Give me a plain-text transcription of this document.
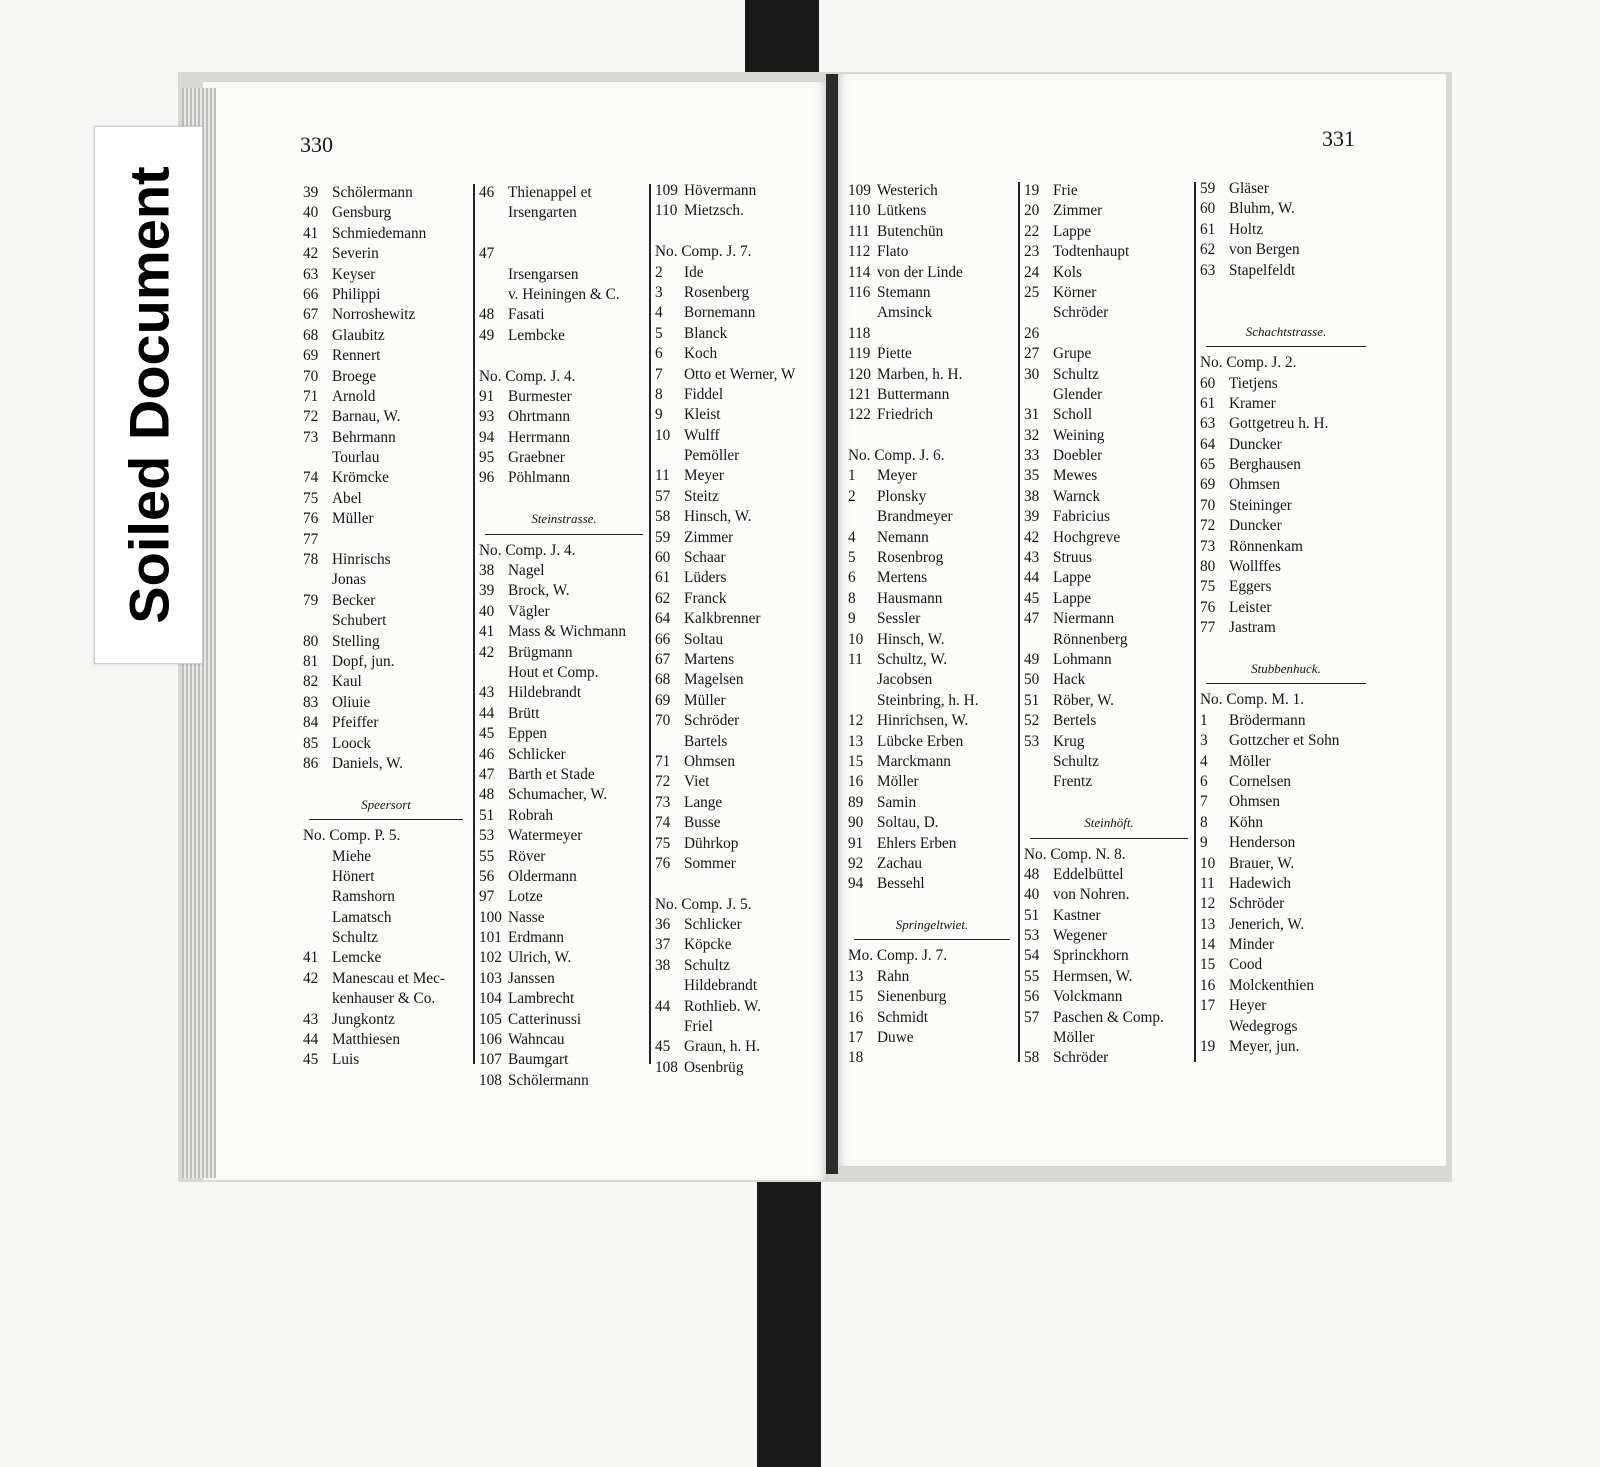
Soiled Document
330	331
39 Schölermann
40 Gensburg
41 Schmiedemann
42 Severin
63 Keyser
66 Philippi
67 Norroshewitz
68 Glaubitz
69 Rennert
70 Broege
71 Arnold
72 Barnau, W.
73 Behrmann
Tourlau
74 Krömcke
75 Abel
76 Müller
77
78 Hinrischs
Jonas
79 Becker
Schubert
80 Stelling
81 Dopf, jun.
82 Kaul
83 Oliuie
84 Pfeiffer
85 Loock
86 Daniels, W.
Speersort
No. Comp. P. 5.
Miehe
Hönert
Ramshorn
Lamatsch
Schultz
41 Lemcke
42 Manescau et Mec-
kenhauser & Co.
43 Jungkontz
44 Matthiesen
45 Luis
46 Thienappel et
Irsengarten
47
Irsengarsen
v. Heiningen & C.
48 Fasati
49 Lembcke
No. Comp. J. 4.
91 Burmester
93 Ohrtmann
94 Herrmann
95 Graebner
96 Pöhlmann
Steinstrasse.
No. Comp. J. 4.
38 Nagel
39 Brock, W.
40 Vägler
41 Mass & Wichmann
42 Brügmann
Hout et Comp.
43 Hildebrandt
44 Brütt
45 Eppen
46 Schlicker
47 Barth et Stade
48 Schumacher, W.
51 Robrah
53 Watermeyer
55 Röver
56 Oldermann
97 Lotze
100 Nasse
101 Erdmann
102 Ulrich, W.
103 Janssen
104 Lambrecht
105 Catterinussi
106 Wahncau
107 Baumgart
108 Schölermann
109 Hövermann
110 Mietzsch.
No. Comp. J. 7.
2 Ide
3 Rosenberg
4 Bornemann
5 Blanck
6 Koch
7 Otto et Werner, W
8 Fiddel
9 Kleist
10 Wulff
Pemöller
11 Meyer
57 Steitz
58 Hinsch, W.
59 Zimmer
60 Schaar
61 Lüders
62 Franck
64 Kalkbrenner
66 Soltau
67 Martens
68 Magelsen
69 Müller
70 Schröder
Bartels
71 Ohmsen
72 Viet
73 Lange
74 Busse
75 Dührkop
76 Sommer
No. Comp. J. 5.
36 Schlicker
37 Köpcke
38 Schultz
Hildebrandt
44 Rothlieb. W.
Friel
45 Graun, h. H.
108 Osenbrüg
109 Westerich
110 Lütkens
111 Butenchün
112 Flato
114 von der Linde
116 Stemann
Amsinck
118
119 Piette
120 Marben, h. H.
121 Buttermann
122 Friedrich
No. Comp. J. 6.
1 Meyer
2 Plonsky
Brandmeyer
4 Nemann
5 Rosenbrog
6 Mertens
8 Hausmann
9 Sessler
10 Hinsch, W.
11 Schultz, W.
Jacobsen
Steinbring, h. H.
12 Hinrichsen, W.
13 Lübcke Erben
15 Marckmann
16 Möller
89 Samin
90 Soltau, D.
91 Ehlers Erben
92 Zachau
94 Bessehl
Springeltwiet.
Mo. Comp. J. 7.
13 Rahn
15 Sienenburg
16 Schmidt
17 Duwe
18
19 Frie
20 Zimmer
22 Lappe
23 Todtenhaupt
24 Kols
25 Körner
Schröder
26
27 Grupe
30 Schultz
Glender
31 Scholl
32 Weining
33 Doebler
35 Mewes
38 Warnck
39 Fabricius
42 Hochgreve
43 Struus
44 Lappe
45 Lappe
47 Niermann
Rönnenberg
49 Lohmann
50 Hack
51 Röber, W.
52 Bertels
53 Krug
Schultz
Frentz
Steinhöft.
No. Comp. N. 8.
48 Eddelbüttel
40 von Nohren.
51 Kastner
53 Wegener
54 Sprinckhorn
55 Hermsen, W.
56 Volckmann
57 Paschen & Comp.
Möller
58 Schröder
59 Gläser
60 Bluhm, W.
61 Holtz
62 von Bergen
63 Stapelfeldt
Schachtstrasse.
No. Comp. J. 2.
60 Tietjens
61 Kramer
63 Gottgetreu h. H.
64 Duncker
65 Berghausen
69 Ohmsen
70 Steininger
72 Duncker
73 Rönnenkam
80 Wollffes
75 Eggers
76 Leister
77 Jastram
Stubbenhuck.
No. Comp. M. 1.
1 Brödermann
3 Gottzcher et Sohn
4 Möller
6 Cornelsen
7 Ohmsen
8 Köhn
9 Henderson
10 Brauer, W.
11 Hadewich
12 Schröder
13 Jenerich, W.
14 Minder
15 Cood
16 Molckenthien
17 Heyer
Wedegrogs
19 Meyer, jun.
